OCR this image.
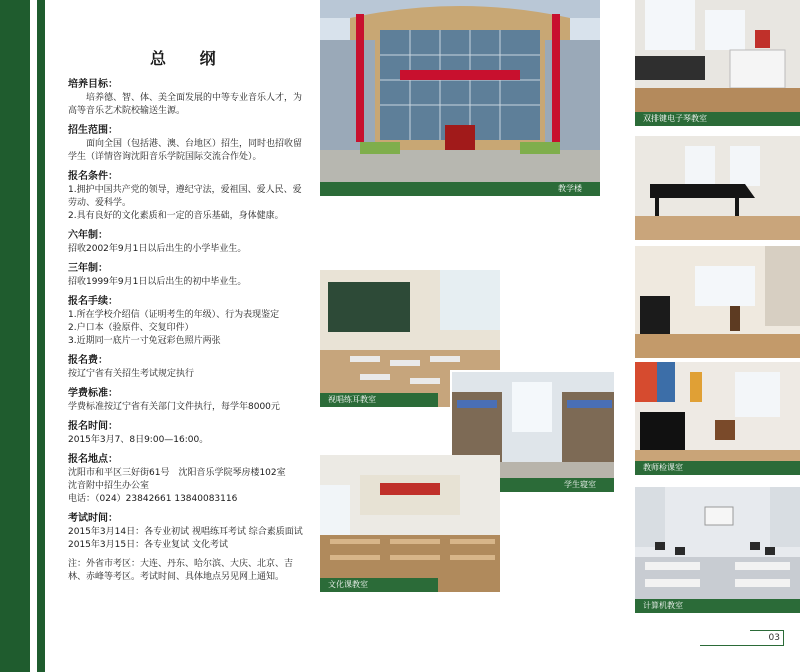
总 纲
培养目标：
培养德、智、体、美全面发展的中等专业音乐人才，为高等音乐艺术院校输送生源。
招生范围：
面向全国（包括港、澳、台地区）招生，同时也招收留学生（详情咨询沈阳音乐学院国际交流合作处）。
报名条件：
1.拥护中国共产党的领导，遵纪守法，爱祖国、爱人民、爱劳动、爱科学。
2.具有良好的文化素质和一定的音乐基础，身体健康。
六年制：
招收2002年9月1日以后出生的小学毕业生。
三年制：
招收1999年9月1日以后出生的初中毕业生。
报名手续：
1.所在学校介绍信（证明考生的年级）、行为表现鉴定
2.户口本（验原件、交复印件）
3.近期同一底片一寸免冠彩色照片两张
报名费：
按辽宁省有关招生考试规定执行
学费标准：
学费标准按辽宁省有关部门文件执行，每学年8000元
报名时间：
2015年3月7、8日9:00—16:00。
报名地点：
沈阳市和平区三好街61号　沈阳音乐学院琴房楼102室
沈音附中招生办公室
电话：（024）23842661 13840083116
考试时间：
2015年3月14日：各专业初试 视唱练耳考试 综合素质面试
2015年3月15日：各专业复试 文化考试
注：外省市考区：大连、丹东、哈尔滨、大庆、北京、吉林、赤峰等考区。考试时间、具体地点另见网上通知。
教学楼
视唱练耳教室
学生寝室
文化课教室
双排键电子琴教室
教师检课室
计算机教室
03
